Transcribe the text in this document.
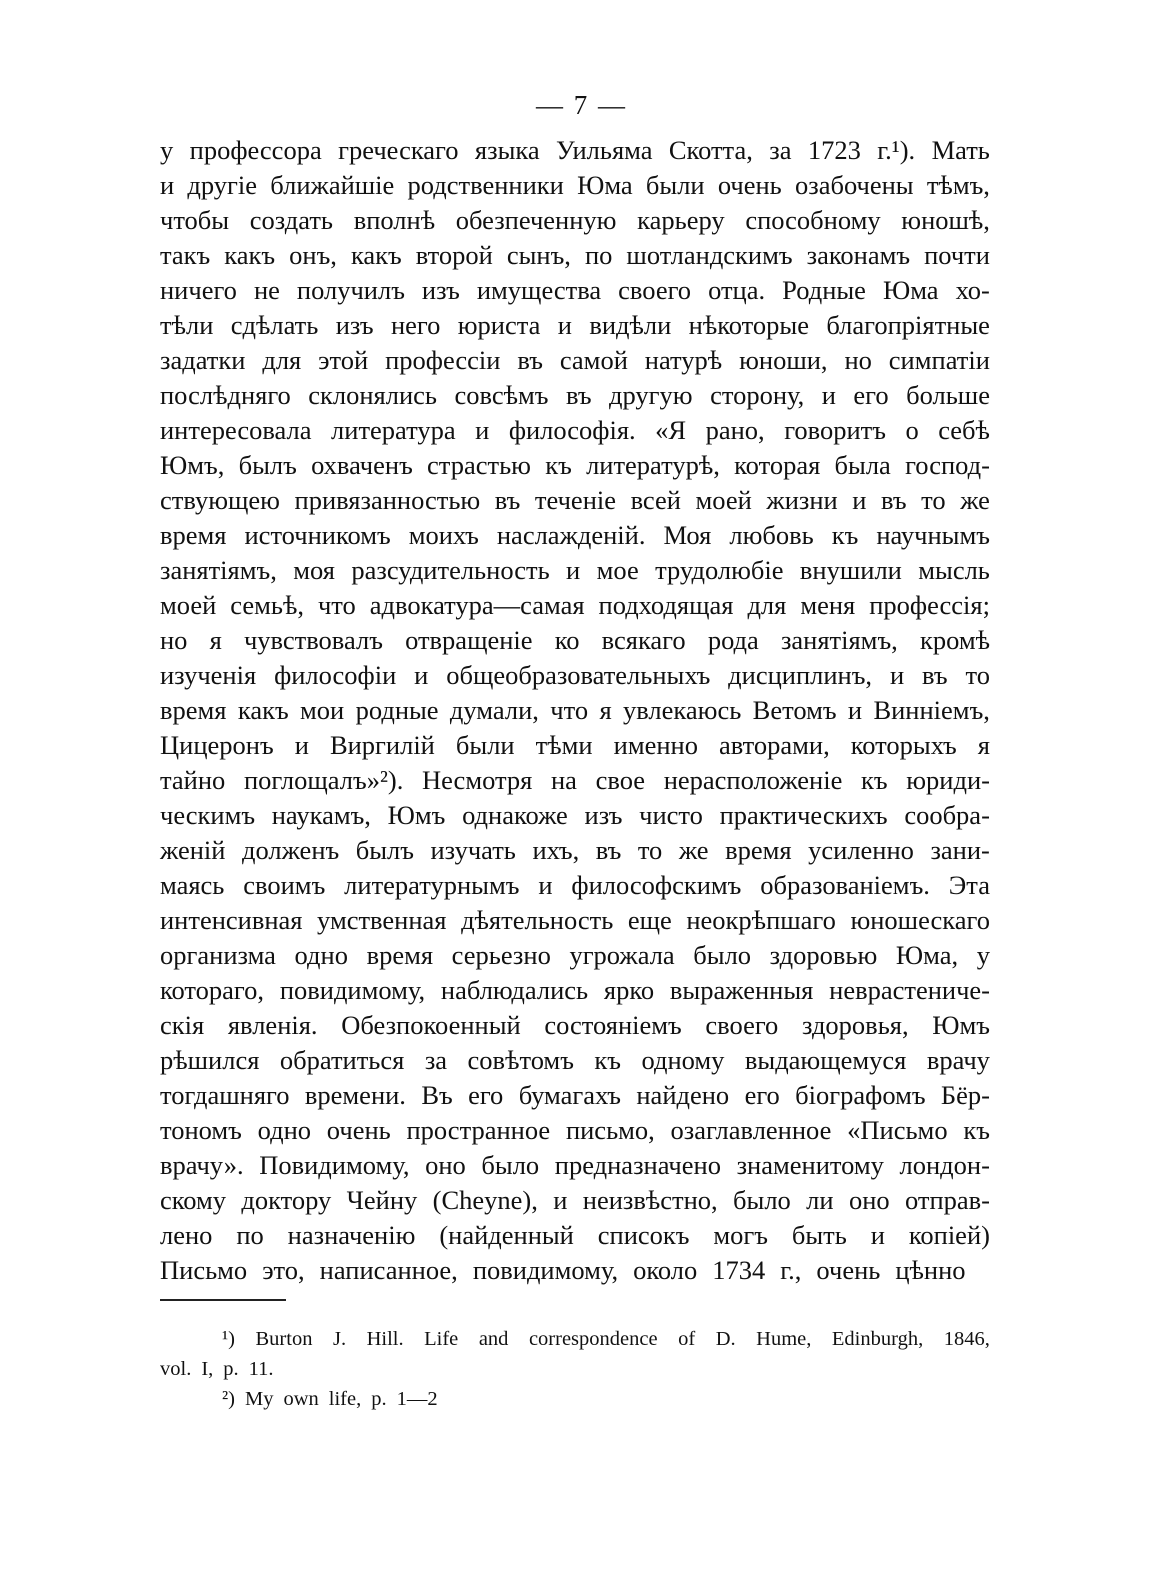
— 7 —
у профессора греческаго языка Уильяма Скотта, за 1723 г.¹). Мать
и другіе ближайшіе родственники Юма были очень озабочены тѣмъ,
чтобы создать вполнѣ обезпеченную карьеру способному юношѣ,
такъ какъ онъ, какъ второй сынъ, по шотландскимъ законамъ почти
ничего не получилъ изъ имущества своего отца. Родные Юма хо-
тѣли сдѣлать изъ него юриста и видѣли нѣкоторые благопріятные
задатки для этой профессіи въ самой натурѣ юноши, но симпатіи
послѣдняго склонялись совсѣмъ въ другую сторону, и его больше
интересовала литература и философія. «Я рано, говоритъ о себѣ
Юмъ, былъ охваченъ страстью къ литературѣ, которая была господ-
ствующею привязанностью въ теченіе всей моей жизни и въ то же
время источникомъ моихъ наслажденій. Моя любовь къ научнымъ
занятіямъ, моя разсудительность и мое трудолюбіе внушили мысль
моей семьѣ, что адвокатура—самая подходящая для меня профессія;
но я чувствовалъ отвращеніе ко всякаго рода занятіямъ, кромѣ
изученія философіи и общеобразовательныхъ дисциплинъ, и въ то
время какъ мои родные думали, что я увлекаюсь Ветомъ и Винніемъ,
Цицеронъ и Виргилій были тѣми именно авторами, которыхъ я
тайно поглощалъ»²). Несмотря на свое нерасположеніе къ юриди-
ческимъ наукамъ, Юмъ однакоже изъ чисто практическихъ сообра-
женій долженъ былъ изучать ихъ, въ то же время усиленно зани-
маясь своимъ литературнымъ и философскимъ образованіемъ. Эта
интенсивная умственная дѣятельность еще неокрѣпшаго юношескаго
организма одно время серьезно угрожала было здоровью Юма, у
котораго, повидимому, наблюдались ярко выраженныя неврастениче-
скія явленія. Обезпокоенный состояніемъ своего здоровья, Юмъ
рѣшился обратиться за совѣтомъ къ одному выдающемуся врачу
тогдашняго времени. Въ его бумагахъ найдено его біографомъ Бёр-
тономъ одно очень пространное письмо, озаглавленное «Письмо къ
врачу». Повидимому, оно было предназначено знаменитому лондон-
скому доктору Чейну (Cheyne), и неизвѣстно, было ли оно отправ-
лено по назначенію (найденный списокъ могъ быть и копіей)
Письмо это, написанное, повидимому, около 1734 г., очень цѣнно
¹) Burton J. Hill. Life and correspondence of D. Hume, Edinburgh, 1846,
vol. I, p. 11.
²) My own life, p. 1—2
